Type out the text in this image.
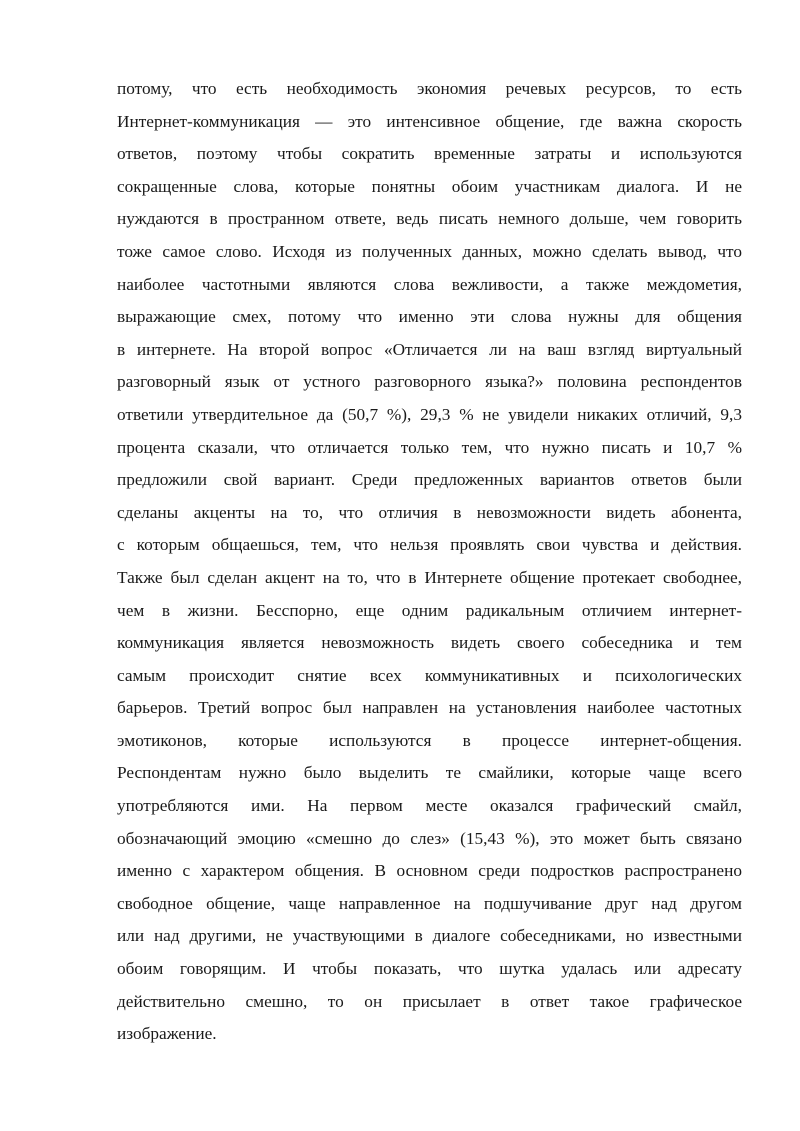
потому, что есть необходимость экономия речевых ресурсов, то есть
Интернет-коммуникация — это интенсивное общение, где важна скорость
ответов, поэтому чтобы сократить временные затраты и используются
сокращенные слова, которые понятны обоим участникам диалога. И не
нуждаются в пространном ответе, ведь писать немного дольше, чем говорить
тоже самое слово. Исходя из полученных данных, можно сделать вывод, что
наиболее частотными являются слова вежливости, а также междометия,
выражающие смех, потому что именно эти слова нужны для общения
в интернете. На второй вопрос «Отличается ли на ваш взгляд виртуальный
разговорный язык от устного разговорного языка?» половина респондентов
ответили утвердительное да (50,7 %), 29,3 % не увидели никаких отличий, 9,3
процента сказали, что отличается только тем, что нужно писать и 10,7 %
предложили свой вариант. Среди предложенных вариантов ответов были
сделаны акценты на то, что отличия в невозможности видеть абонента,
с которым общаешься, тем, что нельзя проявлять свои чувства и действия.
Также был сделан акцент на то, что в Интернете общение протекает свободнее,
чем в жизни. Бесспорно, еще одним радикальным отличием интернет-
коммуникация является невозможность видеть своего собеседника и тем
самым происходит снятие всех коммуникативных и психологических
барьеров. Третий вопрос был направлен на установления наиболее частотных
эмотиконов, которые используются в процессе интернет-общения.
Респондентам нужно было выделить те смайлики, которые чаще всего
употребляются ими. На первом месте оказался графический смайл,
обозначающий эмоцию «смешно до слез» (15,43 %), это может быть связано
именно с характером общения. В основном среди подростков распространено
свободное общение, чаще направленное на подшучивание друг над другом
или над другими, не участвующими в диалоге собеседниками, но известными
обоим говорящим. И чтобы показать, что шутка удалась или адресату
действительно смешно, то он присылает в ответ такое графическое
изображение.
